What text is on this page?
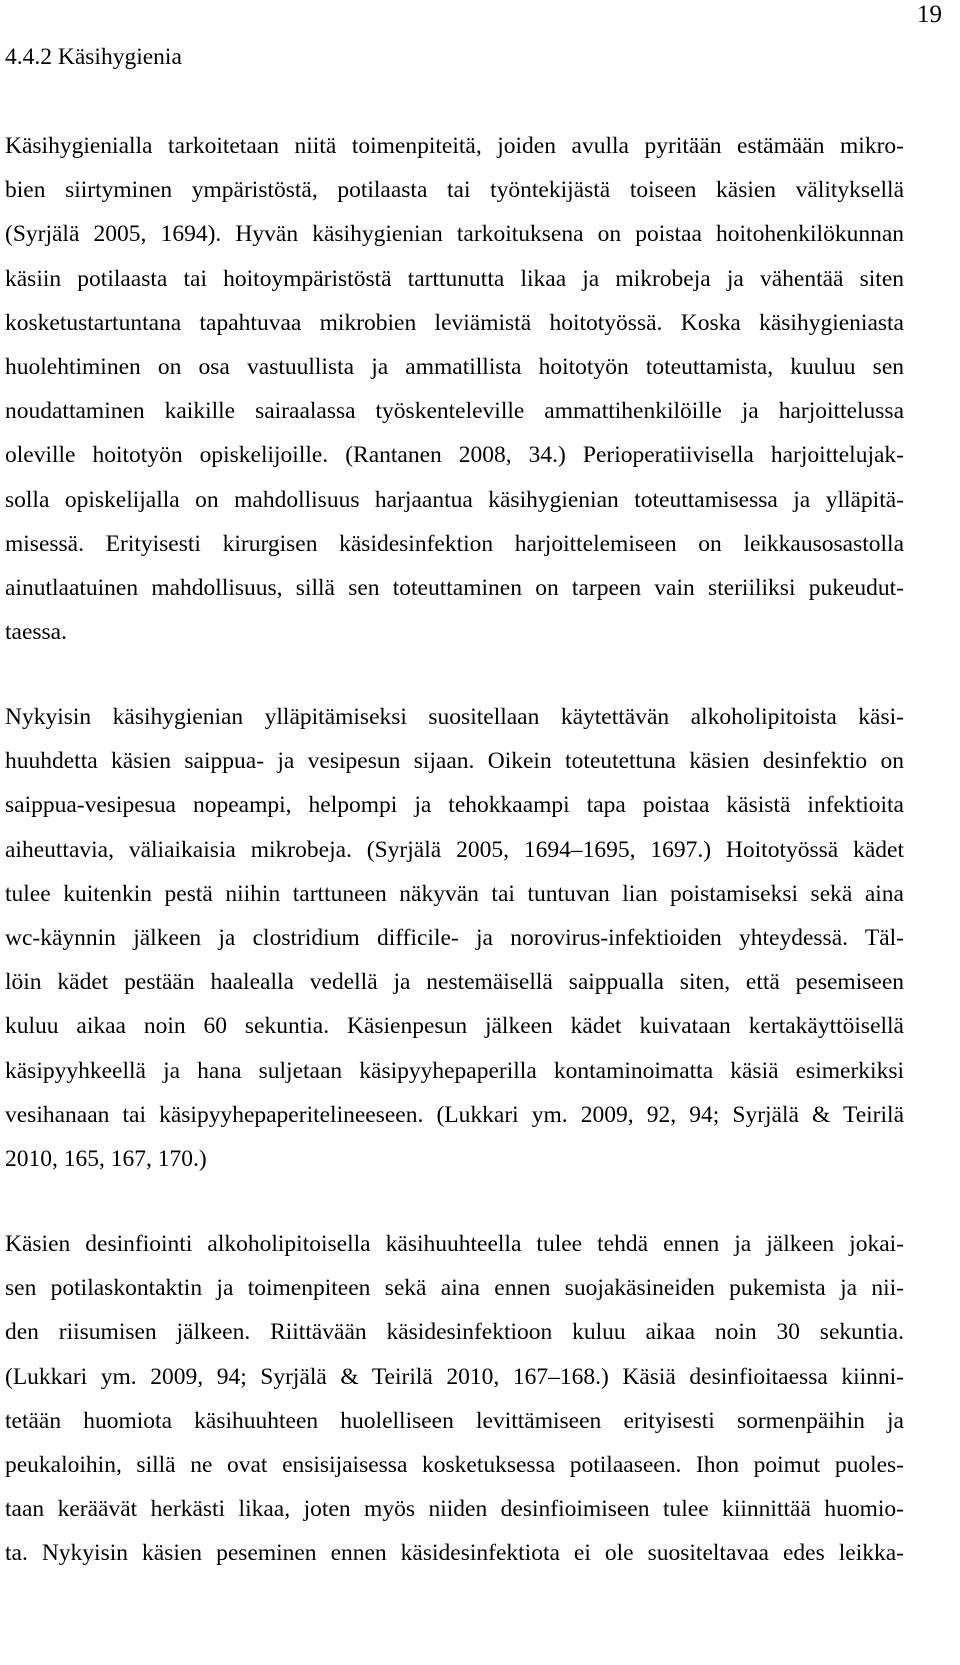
19
4.4.2 Käsihygienia
Käsihygienialla tarkoitetaan niitä toimenpiteitä, joiden avulla pyritään estämään mikro-
bien siirtyminen ympäristöstä, potilaasta tai työntekijästä toiseen käsien välityksellä
(Syrjälä 2005, 1694). Hyvän käsihygienian tarkoituksena on poistaa hoitohenkilökunnan
käsiin potilaasta tai hoitoympäristöstä tarttunutta likaa ja mikrobeja ja vähentää siten
kosketustartuntana tapahtuvaa mikrobien leviämistä hoitotyössä. Koska käsihygieniasta
huolehtiminen on osa vastuullista ja ammatillista hoitotyön toteuttamista, kuuluu sen
noudattaminen kaikille sairaalassa työskenteleville ammattihenkilöille ja harjoittelussa
oleville hoitotyön opiskelijoille. (Rantanen 2008, 34.) Perioperatiivisella harjoittelujak-
solla opiskelijalla on mahdollisuus harjaantua käsihygienian toteuttamisessa ja ylläpitä-
misessä. Erityisesti kirurgisen käsidesinfektion harjoittelemiseen on leikkausosastolla
ainutlaatuinen mahdollisuus, sillä sen toteuttaminen on tarpeen vain steriiliksi pukeudut-
taessa.
Nykyisin käsihygienian ylläpitämiseksi suositellaan käytettävän alkoholipitoista käsi-
huuhdetta käsien saippua- ja vesipesun sijaan. Oikein toteutettuna käsien desinfektio on
saippua-vesipesua nopeampi, helpompi ja tehokkaampi tapa poistaa käsistä infektioita
aiheuttavia, väliaikaisia mikrobeja. (Syrjälä 2005, 1694–1695, 1697.) Hoitotyössä kädet
tulee kuitenkin pestä niihin tarttuneen näkyvän tai tuntuvan lian poistamiseksi sekä aina
wc-käynnin jälkeen ja clostridium difficile- ja norovirus-infektioiden yhteydessä. Täl-
löin kädet pestään haalealla vedellä ja nestemäisellä saippualla siten, että pesemiseen
kuluu aikaa noin 60 sekuntia. Käsienpesun jälkeen kädet kuivataan kertakäyttöisellä
käsipyyhkeellä ja hana suljetaan käsipyyhepaperilla kontaminoimatta käsiä esimerkiksi
vesihanaan tai käsipyyhepaperitelineeseen. (Lukkari ym. 2009, 92, 94; Syrjälä & Teirilä
2010, 165, 167, 170.)
Käsien desinfiointi alkoholipitoisella käsihuuhteella tulee tehdä ennen ja jälkeen jokai-
sen potilaskontaktin ja toimenpiteen sekä aina ennen suojakäsineiden pukemista ja nii-
den riisumisen jälkeen. Riittävään käsidesinfektioon kuluu aikaa noin 30 sekuntia.
(Lukkari ym. 2009, 94; Syrjälä & Teirilä 2010, 167–168.) Käsiä desinfioitaessa kiinni-
tetään huomiota käsihuuhteen huolelliseen levittämiseen erityisesti sormenpäihin ja
peukaloihin, sillä ne ovat ensisijaisessa kosketuksessa potilaaseen. Ihon poimut puoles-
taan keräävät herkästi likaa, joten myös niiden desinfioimiseen tulee kiinnittää huomio-
ta. Nykyisin käsien peseminen ennen käsidesinfektiota ei ole suositeltavaa edes leikka-
